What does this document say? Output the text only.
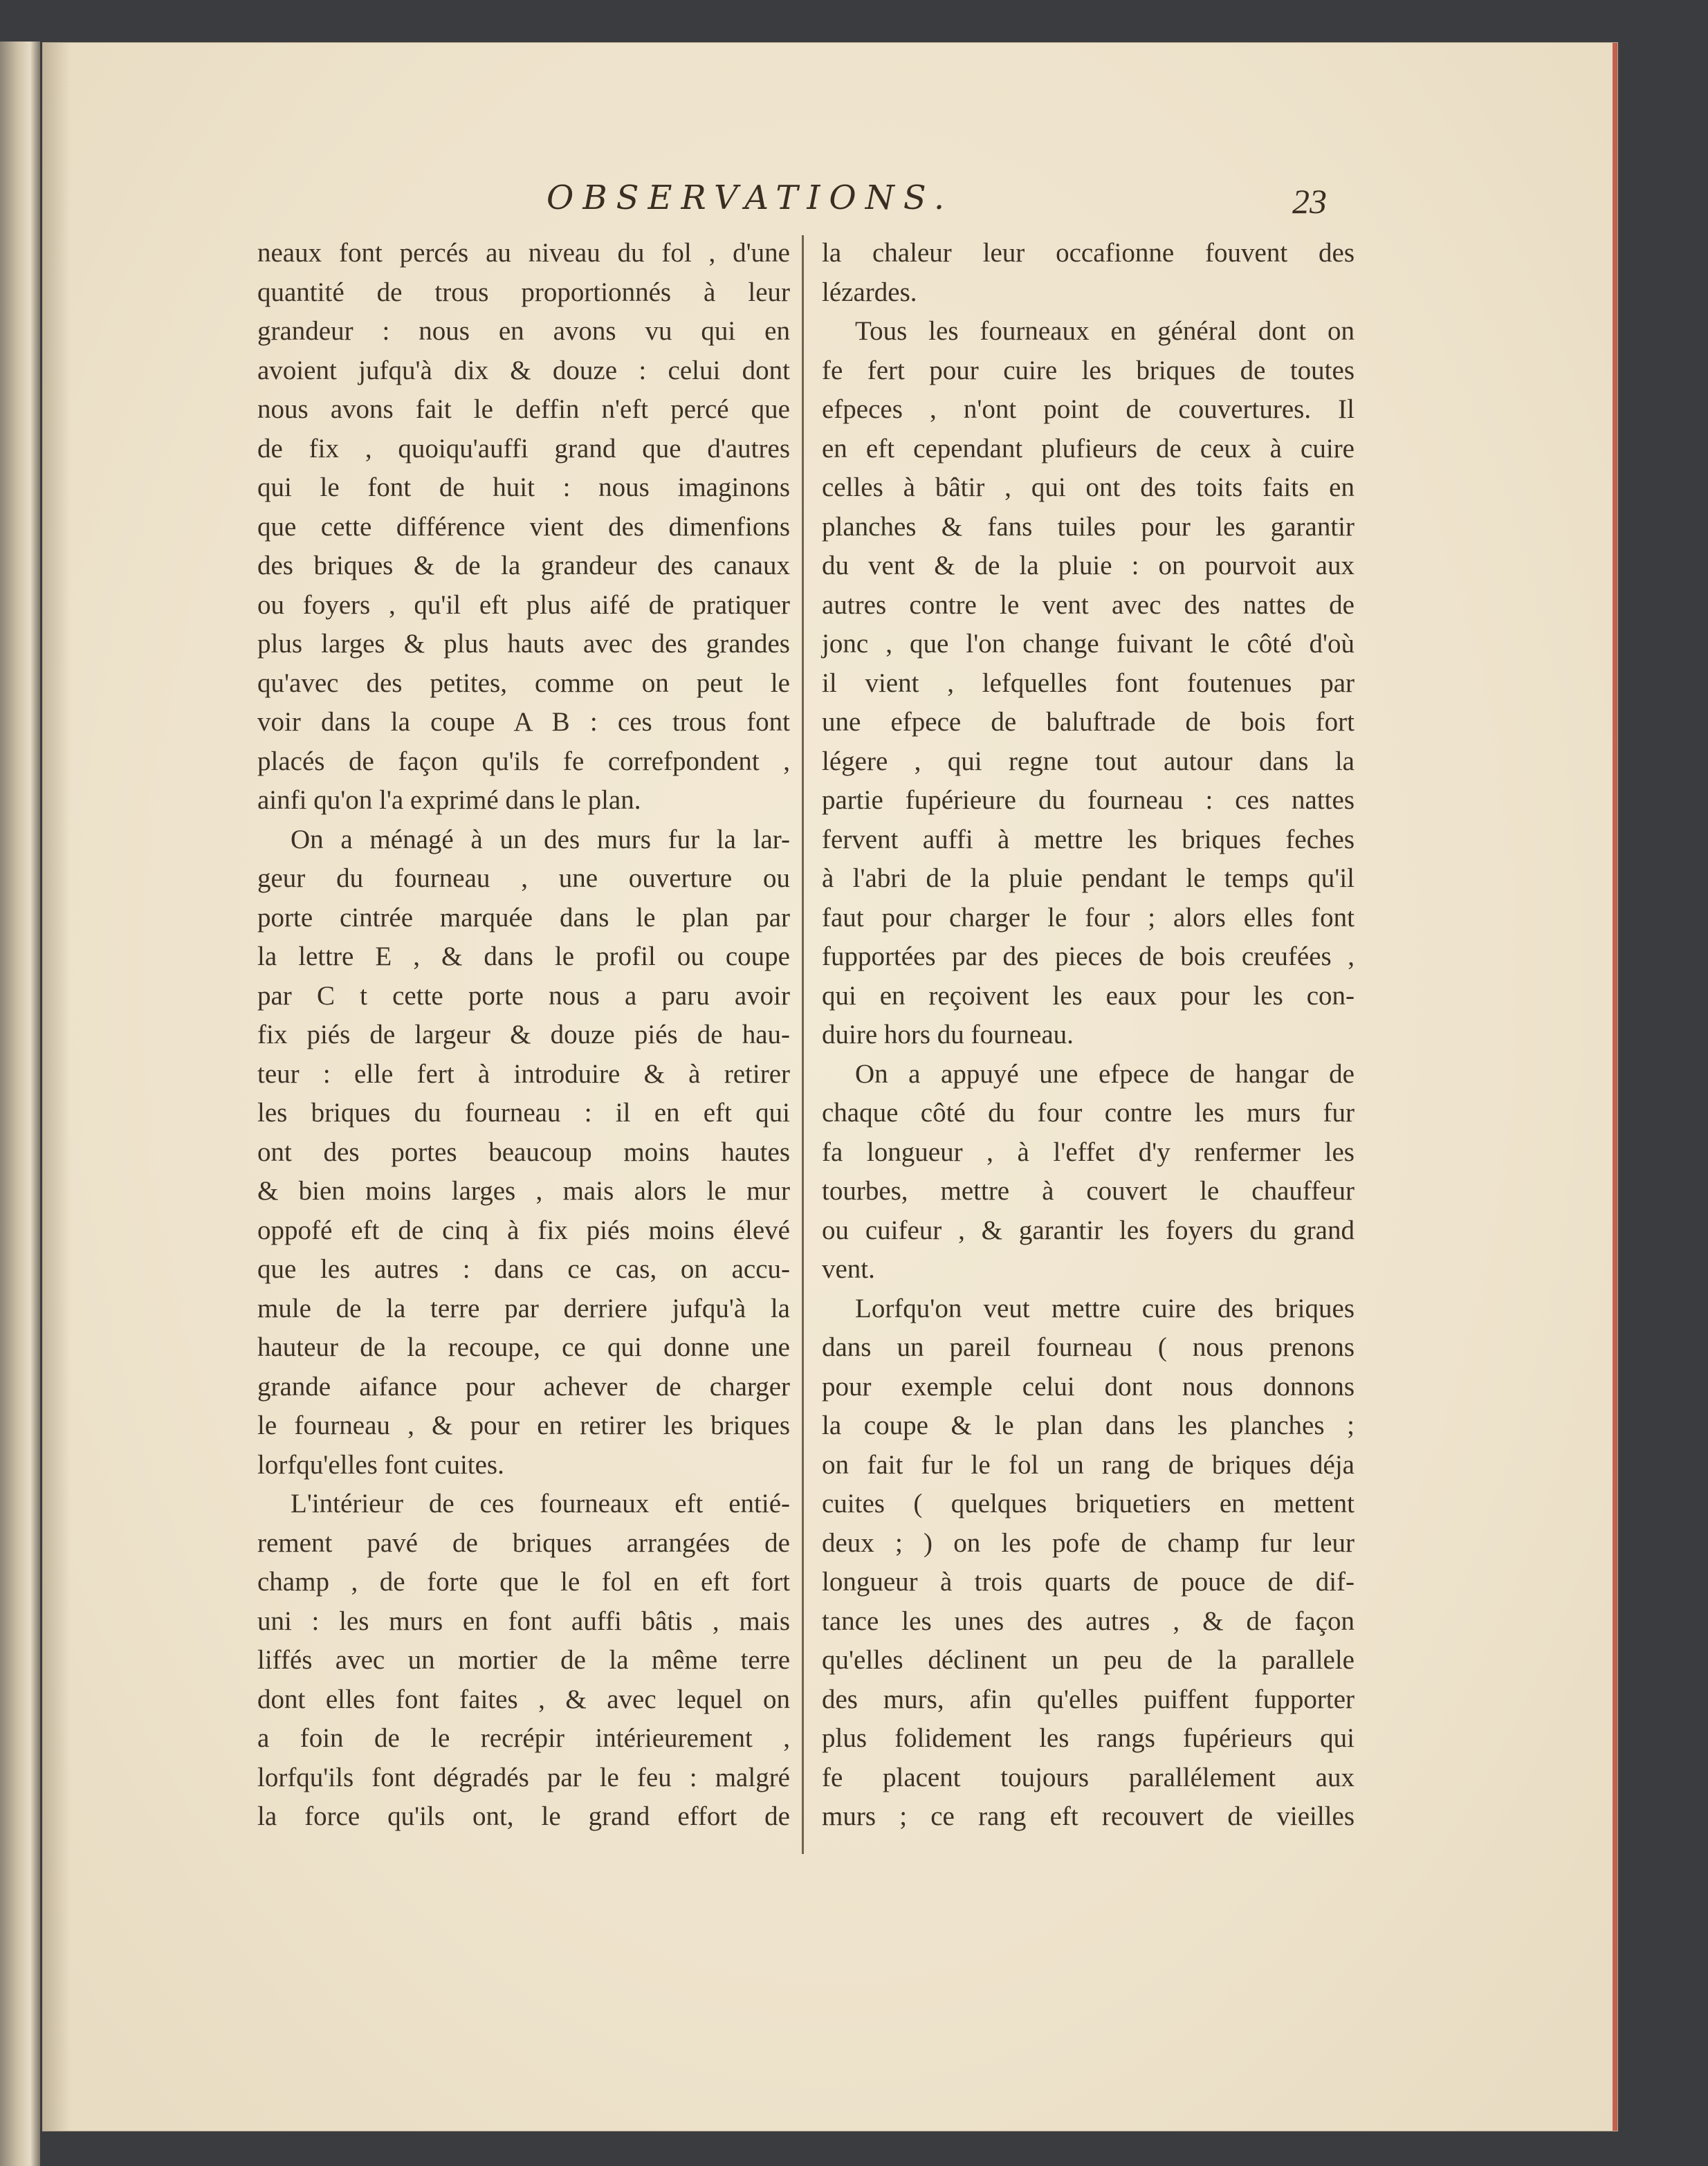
OBSERVATIONS.	23
neaux font percés au niveau du fol , d'une
quantité de trous proportionnés à leur
grandeur : nous en avons vu qui en
avoient jufqu'à dix & douze : celui dont
nous avons fait le deffin n'eft percé que
de fix , quoiqu'auffi grand que d'autres
qui le font de huit : nous imaginons
que cette différence vient des dimenfions
des briques & de la grandeur des canaux
ou foyers , qu'il eft plus aifé de pratiquer
plus larges & plus hauts avec des grandes
qu'avec des petites, comme on peut le
voir dans la coupe A B : ces trous font
placés de façon qu'ils fe correfpondent ,
ainfi qu'on l'a exprimé dans le plan.
On a ménagé à un des murs fur la lar-
geur du fourneau , une ouverture ou
porte cintrée marquée dans le plan par
la lettre E , & dans le profil ou coupe
par C t cette porte nous a paru avoir
fix piés de largeur & douze piés de hau-
teur : elle fert à introduire & à retirer
les briques du fourneau : il en eft qui
ont des portes beaucoup moins hautes
& bien moins larges , mais alors le mur
oppofé eft de cinq à fix piés moins élevé
que les autres : dans ce cas, on accu-
mule de la terre par derriere jufqu'à la
hauteur de la recoupe, ce qui donne une
grande aifance pour achever de charger
le fourneau , & pour en retirer les briques
lorfqu'elles font cuites.
L'intérieur de ces fourneaux eft entié-
rement pavé de briques arrangées de
champ , de forte que le fol en eft fort
uni : les murs en font auffi bâtis , mais
liffés avec un mortier de la même terre
dont elles font faites , & avec lequel on
a foin de le recrépir intérieurement ,
lorfqu'ils font dégradés par le feu : malgré
la force qu'ils ont, le grand effort de
la chaleur leur occafionne fouvent des
lézardes.
Tous les fourneaux en général dont on
fe fert pour cuire les briques de toutes
efpeces , n'ont point de couvertures. Il
en eft cependant plufieurs de ceux à cuire
celles à bâtir , qui ont des toits faits en
planches & fans tuiles pour les garantir
du vent & de la pluie : on pourvoit aux
autres contre le vent avec des nattes de
jonc , que l'on change fuivant le côté d'où
il vient , lefquelles font foutenues par
une efpece de baluftrade de bois fort
légere , qui regne tout autour dans la
partie fupérieure du fourneau : ces nattes
fervent auffi à mettre les briques feches
à l'abri de la pluie pendant le temps qu'il
faut pour charger le four ; alors elles font
fupportées par des pieces de bois creufées ,
qui en reçoivent les eaux pour les con-
duire hors du fourneau.
On a appuyé une efpece de hangar de
chaque côté du four contre les murs fur
fa longueur , à l'effet d'y renfermer les
tourbes, mettre à couvert le chauffeur
ou cuifeur , & garantir les foyers du grand
vent.
Lorfqu'on veut mettre cuire des briques
dans un pareil fourneau ( nous prenons
pour exemple celui dont nous donnons
la coupe & le plan dans les planches ;
on fait fur le fol un rang de briques déja
cuites ( quelques briquetiers en mettent
deux ; ) on les pofe de champ fur leur
longueur à trois quarts de pouce de dif-
tance les unes des autres , & de façon
qu'elles déclinent un peu de la parallele
des murs, afin qu'elles puiffent fupporter
plus folidement les rangs fupérieurs qui
fe placent toujours parallélement aux
murs ; ce rang eft recouvert de vieilles
